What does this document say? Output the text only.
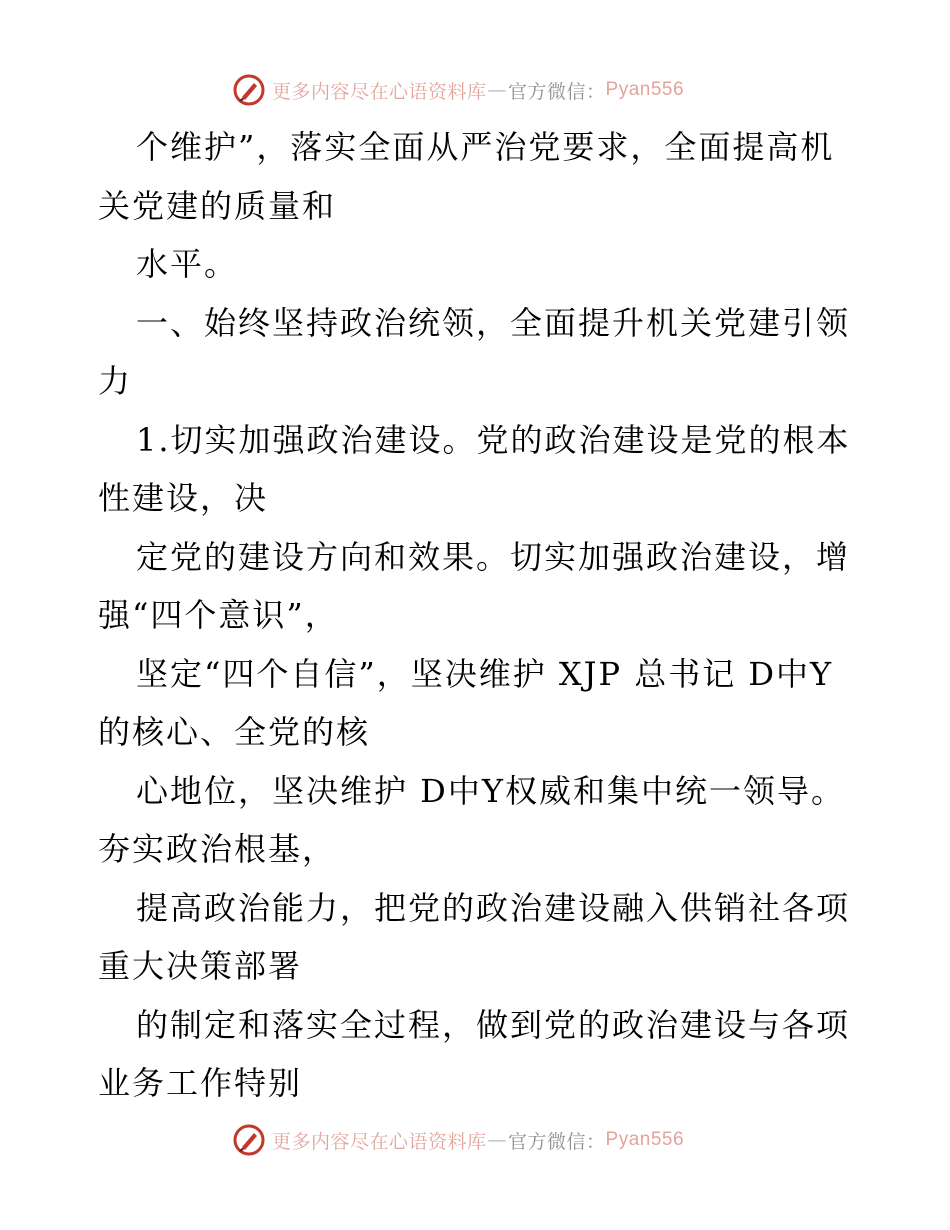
更多内容尽在心语资料库 — 官方微信： Pyan556

个维护”，落实全面从严治党要求，全面提高机关党建的质量和

水平。

一、始终坚持政治统领，全面提升机关党建引领力

1.切实加强政治建设。党的政治建设是党的根本性建设，决

定党的建设方向和效果。切实加强政治建设，增强“四个意识”，

坚定“四个自信”，坚决维护 XJP 总书记 D中Y的核心、全党的核

心地位，坚决维护 D中Y权威和集中统一领导。夯实政治根基，

提高政治能力，把党的政治建设融入供销社各项重大决策部署

的制定和落实全过程，做到党的政治建设与各项业务工作特别

更多内容尽在心语资料库 — 官方微信： Pyan556
